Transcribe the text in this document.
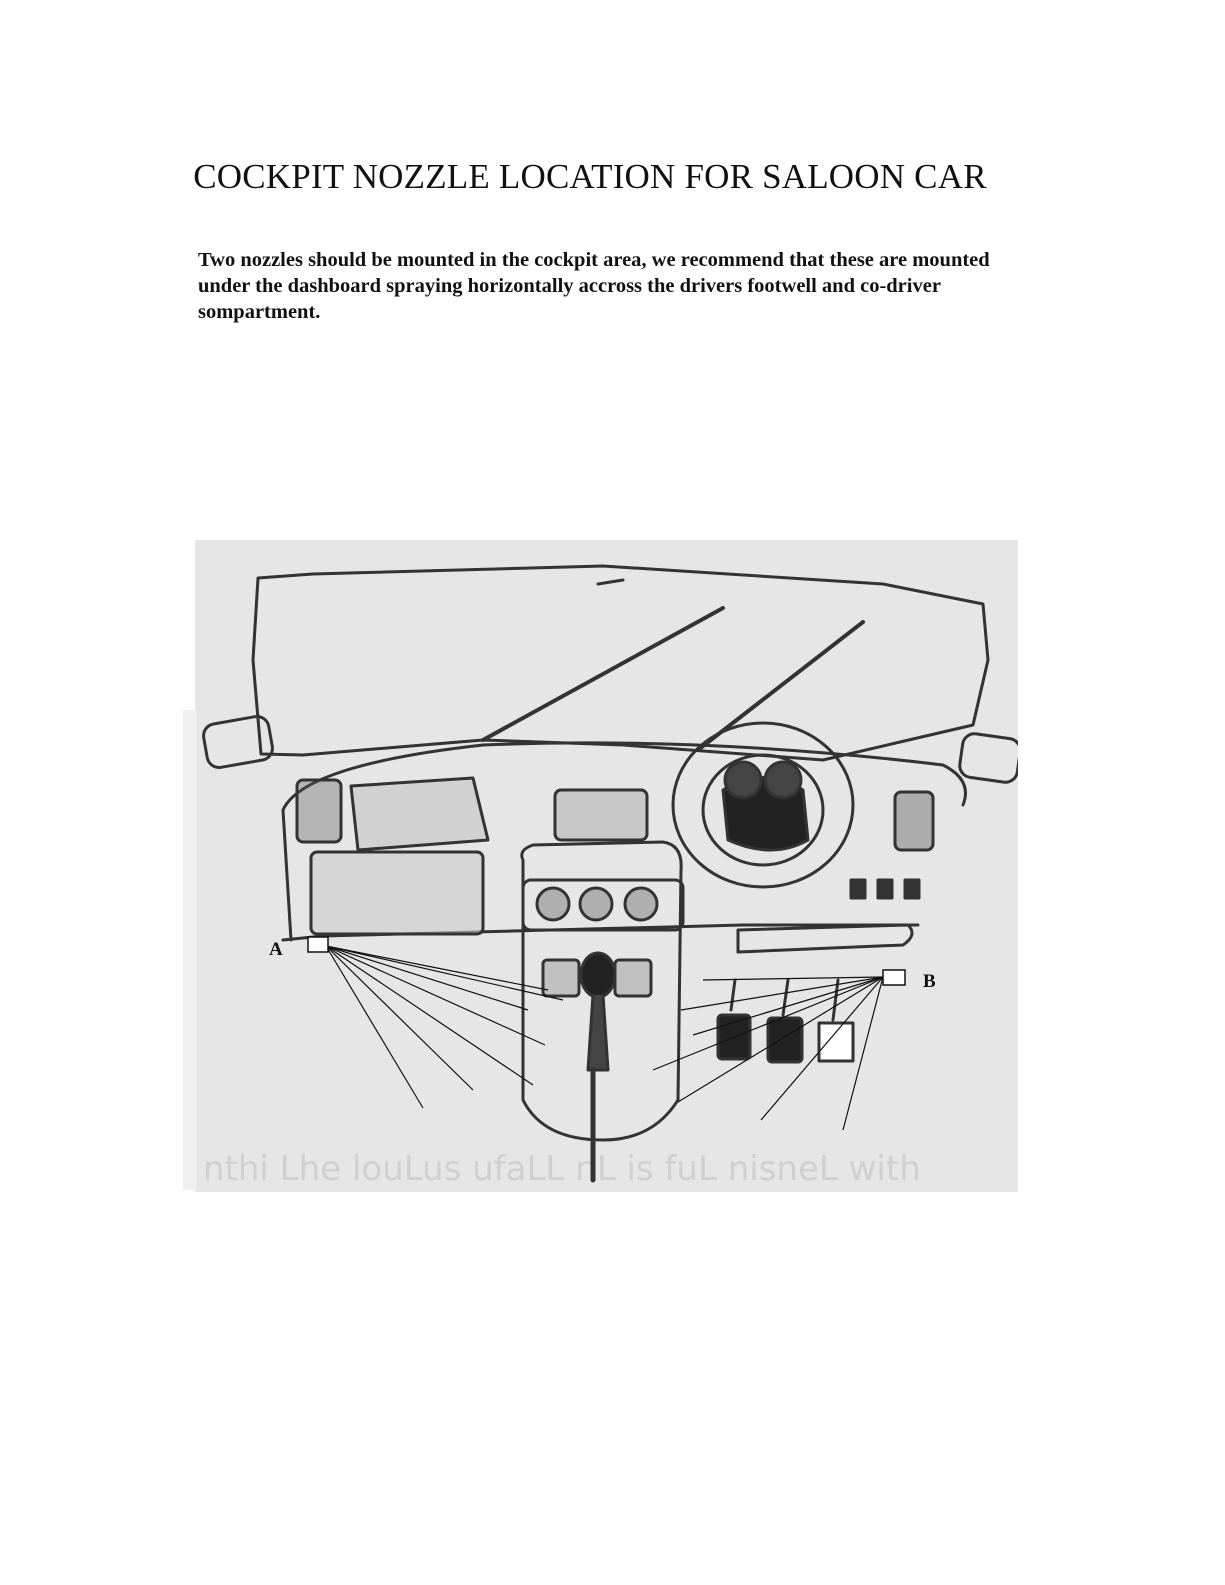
COCKPIT NOZZLE LOCATION FOR SALOON CAR

Two nozzles should be mounted in the cockpit area, we recommend that these are mounted under the dashboard spraying horizontally accross the drivers footwell and co-driver sompartment.

nthi Lhe louLus ufaLL nL is fuL nisneL with
A
B
